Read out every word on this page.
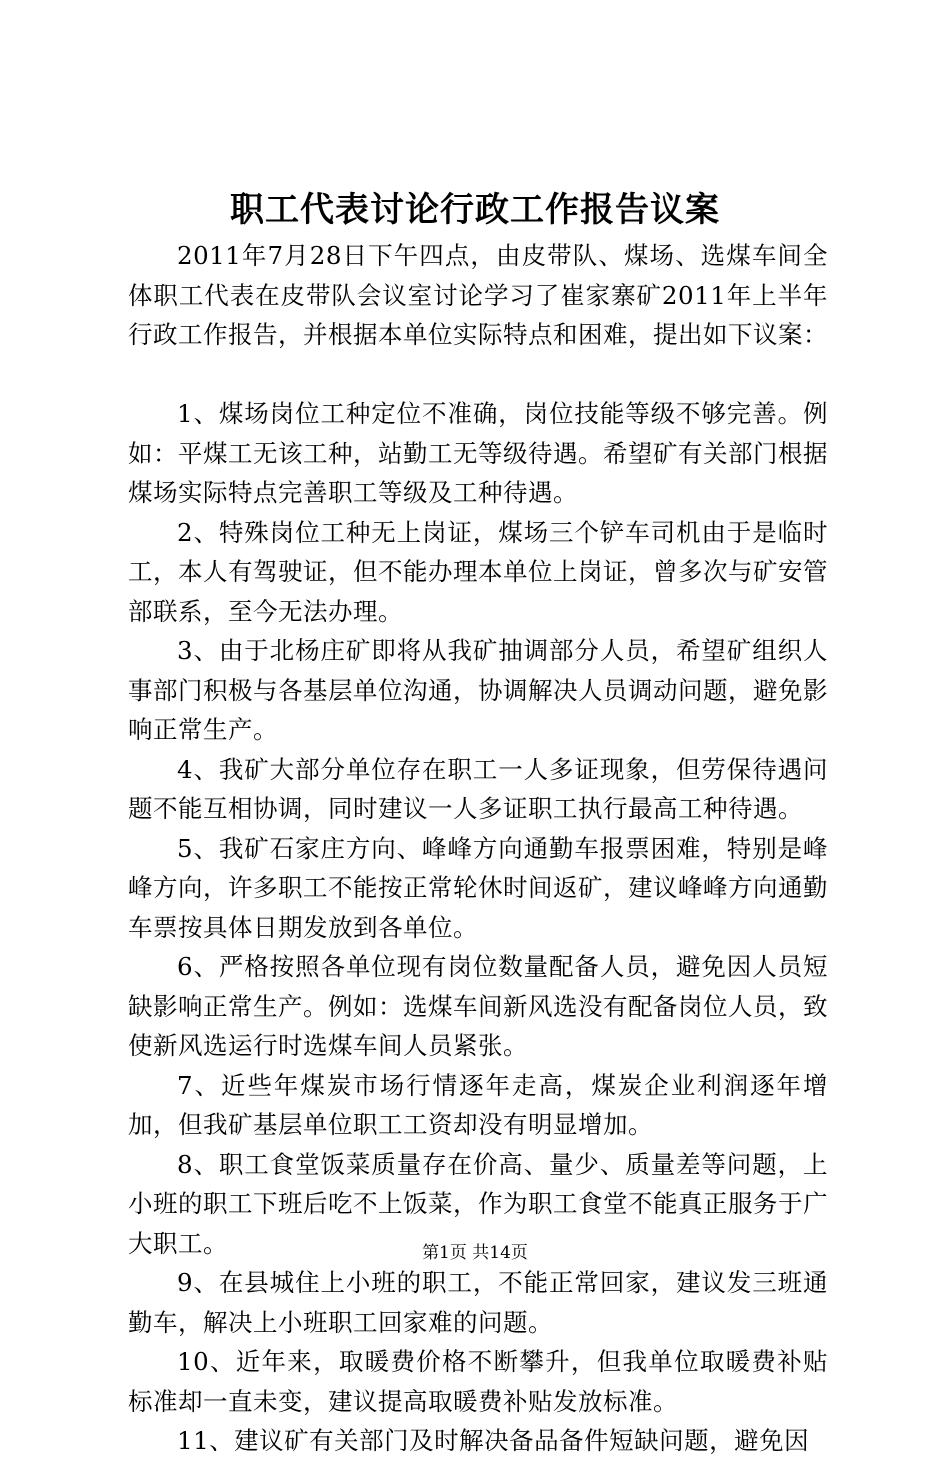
职工代表讨论行政工作报告议案

2011年7月28日下午四点，由皮带队、煤场、选煤车间全体职工代表在皮带队会议室讨论学习了崔家寨矿2011年上半年行政工作报告，并根据本单位实际特点和困难，提出如下议案：

1、煤场岗位工种定位不准确，岗位技能等级不够完善。例如：平煤工无该工种，站勤工无等级待遇。希望矿有关部门根据煤场实际特点完善职工等级及工种待遇。

2、特殊岗位工种无上岗证，煤场三个铲车司机由于是临时工，本人有驾驶证，但不能办理本单位上岗证，曾多次与矿安管部联系，至今无法办理。

3、由于北杨庄矿即将从我矿抽调部分人员，希望矿组织人事部门积极与各基层单位沟通，协调解决人员调动问题，避免影响正常生产。

4、我矿大部分单位存在职工一人多证现象，但劳保待遇问题不能互相协调，同时建议一人多证职工执行最高工种待遇。

5、我矿石家庄方向、峰峰方向通勤车报票困难，特别是峰峰方向，许多职工不能按正常轮休时间返矿，建议峰峰方向通勤车票按具体日期发放到各单位。

6、严格按照各单位现有岗位数量配备人员，避免因人员短缺影响正常生产。例如：选煤车间新风选没有配备岗位人员，致使新风选运行时选煤车间人员紧张。

7、近些年煤炭市场行情逐年走高，煤炭企业利润逐年增加，但我矿基层单位职工工资却没有明显增加。

8、职工食堂饭菜质量存在价高、量少、质量差等问题，上小班的职工下班后吃不上饭菜，作为职工食堂不能真正服务于广大职工。

9、在县城住上小班的职工，不能正常回家，建议发三班通勤车，解决上小班职工回家难的问题。

10、近年来，取暖费价格不断攀升，但我单位取暖费补贴标准却一直未变，建议提高取暖费补贴发放标准。

11、建议矿有关部门及时解决备品备件短缺问题，避免因

第1页 共14页
